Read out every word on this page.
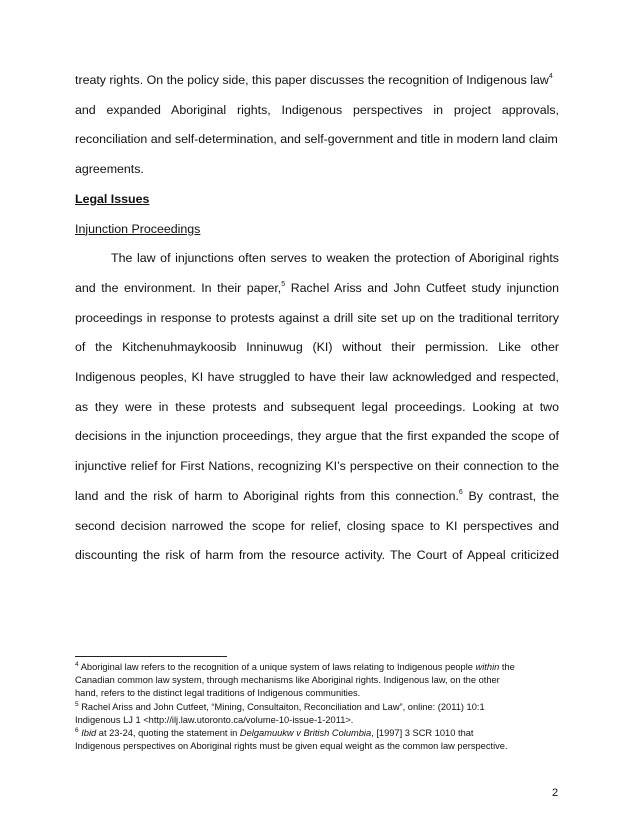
treaty rights. On the policy side, this paper discusses the recognition of Indigenous law$^4$
and expanded Aboriginal rights, Indigenous perspectives in project approvals,
reconciliation and self-determination, and self-government and title in modern land claim
agreements.
Legal Issues
Injunction Proceedings
The law of injunctions often serves to weaken the protection of Aboriginal rights
and the environment. In their paper,$^5$ Rachel Ariss and John Cutfeet study injunction
proceedings in response to protests against a drill site set up on the traditional territory
of the Kitchenuhmaykoosib Inninuwug (KI) without their permission. Like other
Indigenous peoples, KI have struggled to have their law acknowledged and respected,
as they were in these protests and subsequent legal proceedings. Looking at two
decisions in the injunction proceedings, they argue that the first expanded the scope of
injunctive relief for First Nations, recognizing KI’s perspective on their connection to the
land and the risk of harm to Aboriginal rights from this connection.$^6$ By contrast, the
second decision narrowed the scope for relief, closing space to KI perspectives and
discounting the risk of harm from the resource activity. The Court of Appeal criticized
$^4$ Aboriginal law refers to the recognition of a unique system of laws relating to Indigenous people within the
Canadian common law system, through mechanisms like Aboriginal rights. Indigenous law, on the other
hand, refers to the distinct legal traditions of Indigenous communities.
$^5$ Rachel Ariss and John Cutfeet, “Mining, Consultaiton, Reconciliation and Law”, online: (2011) 10:1
Indigenous LJ 1 <http://ilj.law.utoronto.ca/volume-10-issue-1-2011>.
$^6$ Ibid at 23-24, quoting the statement in Delgamuukw v British Columbia, [1997] 3 SCR 1010 that
Indigenous perspectives on Aboriginal rights must be given equal weight as the common law perspective.
2
